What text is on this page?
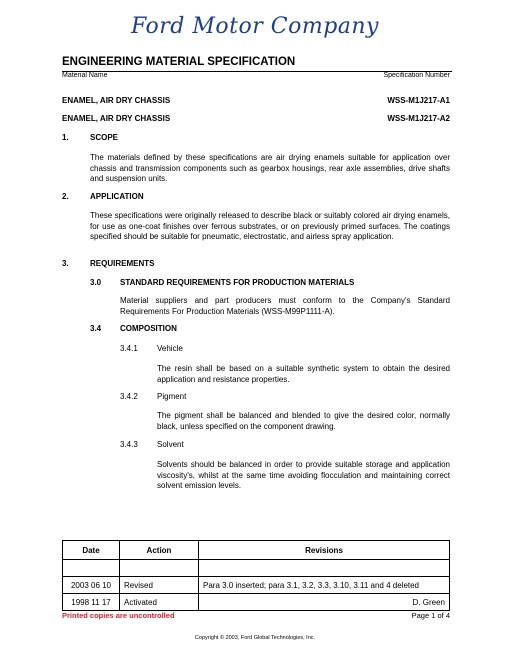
Ford Motor Company
ENGINEERING MATERIAL SPECIFICATION
Material Name	Specification Number
ENAMEL, AIR DRY CHASSIS	WSS-M1J217-A1
ENAMEL, AIR DRY CHASSIS	WSS-M1J217-A2
1.	SCOPE
The materials defined by these specifications are air drying enamels suitable for application over chassis and transmission components such as gearbox housings, rear axle assemblies, drive shafts and suspension units.
2.	APPLICATION
These specifications were originally released to describe black or suitably colored air drying enamels, for use as one-coat finishes over ferrous substrates, or on previously primed surfaces. The coatings specified should be suitable for pneumatic, electrostatic, and airless spray application.
3.	REQUIREMENTS
3.0 STANDARD REQUIREMENTS FOR PRODUCTION MATERIALS
Material suppliers and part producers must conform to the Company's Standard Requirements For Production Materials (WSS-M99P1111-A).
3.4 COMPOSITION
3.4.1 Vehicle
The resin shall be based on a suitable synthetic system to obtain the desired application and resistance properties.
3.4.2 Pigment
The pigment shall be balanced and blended to give the desired color, normally black, unless specified on the component drawing.
3.4.3 Solvent
Solvents should be balanced in order to provide suitable storage and application viscosity's, whilst at the same time avoiding flocculation and maintaining correct solvent emission levels.
Date	Action	Revisions

2003 06 10	Revised	Para 3.0 inserted; para 3.1, 3.2, 3.3, 3.10, 3.11 and 4 deleted
1998 11 17	Activated	D. Green
Printed copies are uncontrolled	Page 1 of 4
Copyright © 2003, Ford Global Technologies, Inc.
